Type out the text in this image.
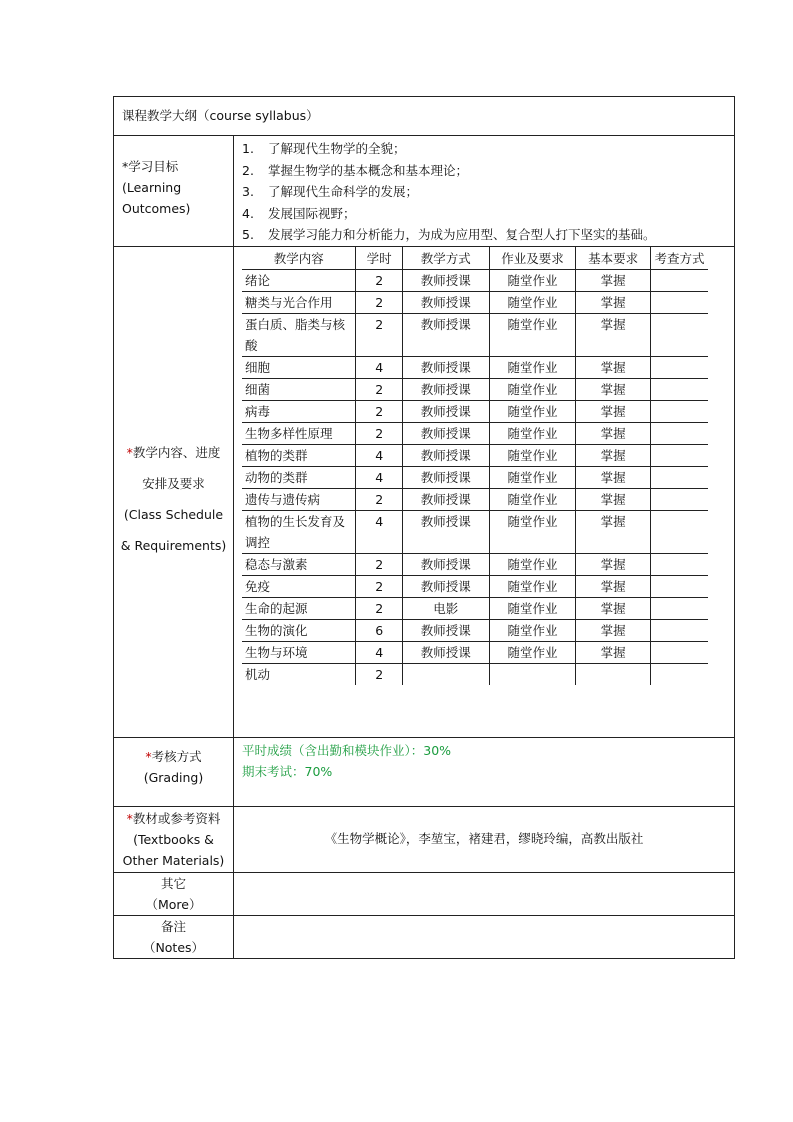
课程教学大纲（course syllabus）

*学习目标
(Learning
Outcomes)

1. 了解现代生物学的全貌；
2. 掌握生物学的基本概念和基本理论；
3. 了解现代生命科学的发展；
4. 发展国际视野；
5. 发展学习能力和分析能力，为成为应用型、复合型人打下坚实的基础。

*教学内容、进度
安排及要求
(Class Schedule
& Requirements)

教学内容	学时	教学方式	作业及要求	基本要求	考查方式
绪论	2	教师授课	随堂作业	掌握	
糖类与光合作用	2	教师授课	随堂作业	掌握	
蛋白质、脂类与核酸	2	教师授课	随堂作业	掌握	
细胞	4	教师授课	随堂作业	掌握	
细菌	2	教师授课	随堂作业	掌握	
病毒	2	教师授课	随堂作业	掌握	
生物多样性原理	2	教师授课	随堂作业	掌握	
植物的类群	4	教师授课	随堂作业	掌握	
动物的类群	4	教师授课	随堂作业	掌握	
遗传与遗传病	2	教师授课	随堂作业	掌握	
植物的生长发育及调控	4	教师授课	随堂作业	掌握	
稳态与激素	2	教师授课	随堂作业	掌握	
免疫	2	教师授课	随堂作业	掌握	
生命的起源	2	电影	随堂作业	掌握	
生物的演化	6	教师授课	随堂作业	掌握	
生物与环境	4	教师授课	随堂作业	掌握	
机动	2				

*考核方式
(Grading)

平时成绩（含出勤和模块作业）：30%
期末考试：70%

*教材或参考资料
(Textbooks &
Other Materials)
	《生物学概论》，李堃宝，褚建君，缪晓玲编，高教出版社

其它
（More）

备注
（Notes）
